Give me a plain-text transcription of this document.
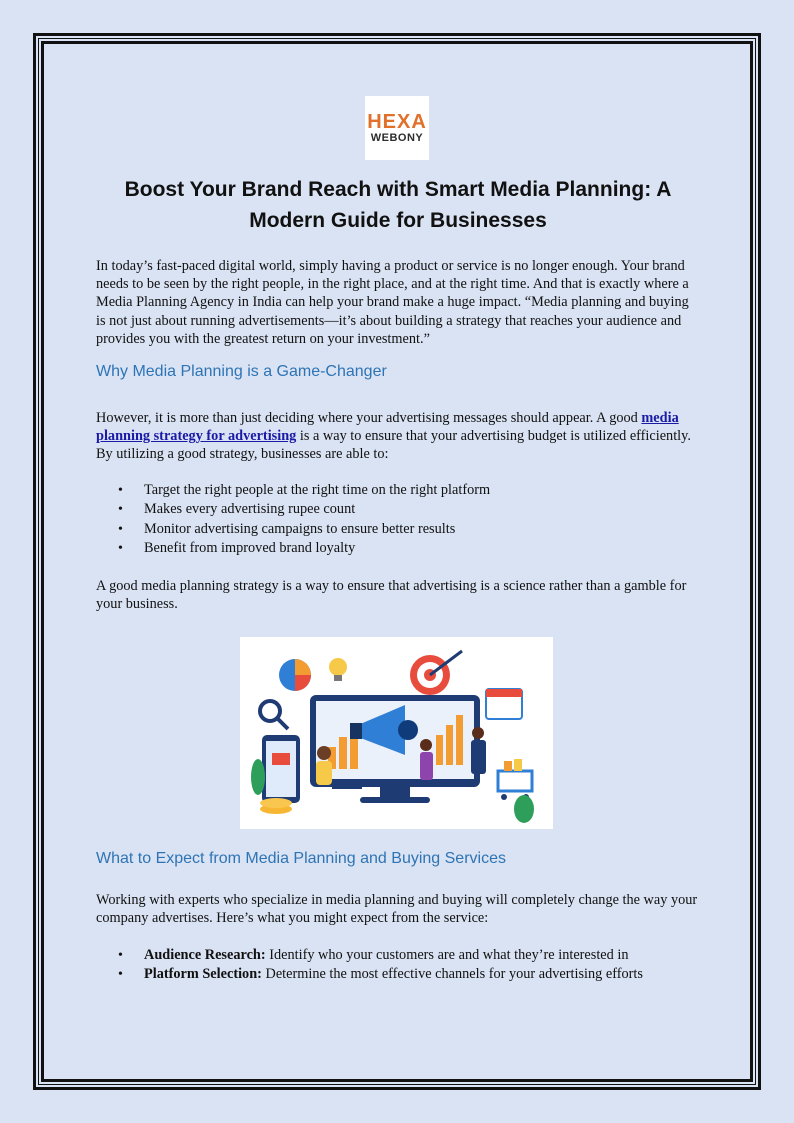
HEXA
WEBONY
Boost Your Brand Reach with Smart Media Planning: A Modern Guide for Businesses

In today’s fast-paced digital world, simply having a product or service is no longer enough. Your brand needs to be seen by the right people, in the right place, and at the right time. And that is exactly where a Media Planning Agency in India can help your brand make a huge impact. “Media planning and buying is not just about running advertisements—it’s about building a strategy that reaches your audience and provides you with the greatest return on your investment.”

Why Media Planning is a Game-Changer

However, it is more than just deciding where your advertising messages should appear. A good media planning strategy for advertising is a way to ensure that your advertising budget is utilized efficiently. By utilizing a good strategy, businesses are able to:

• Target the right people at the right time on the right platform
• Makes every advertising rupee count
• Monitor advertising campaigns to ensure better results
• Benefit from improved brand loyalty

A good media planning strategy is a way to ensure that advertising is a science rather than a gamble for your business.

What to Expect from Media Planning and Buying Services

Working with experts who specialize in media planning and buying will completely change the way your company advertises. Here’s what you might expect from the service:

• Audience Research: Identify who your customers are and what they’re interested in
• Platform Selection: Determine the most effective channels for your advertising efforts
